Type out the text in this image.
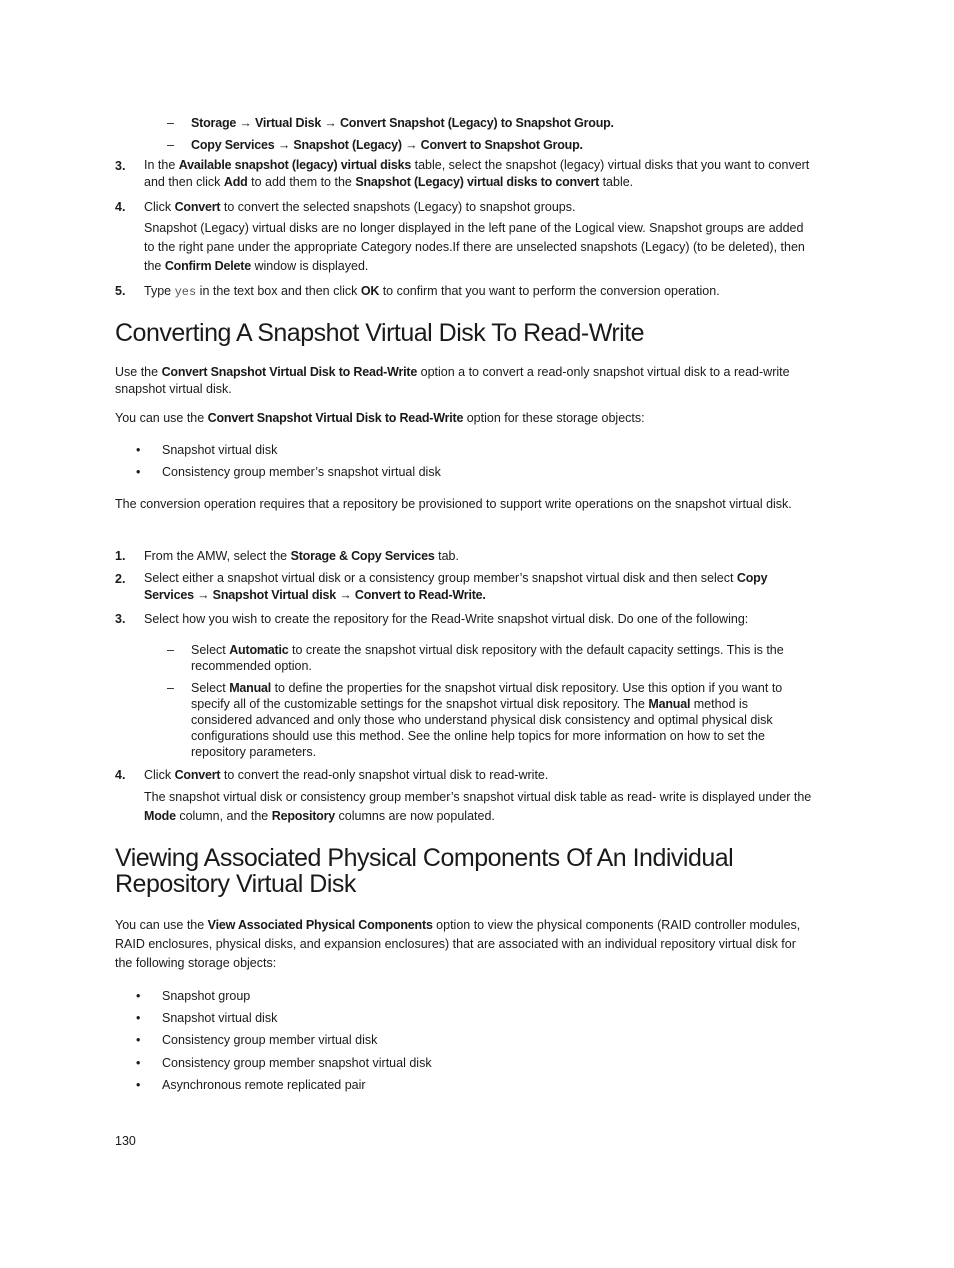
– Storage → Virtual Disk → Convert Snapshot (Legacy) to Snapshot Group.
– Copy Services → Snapshot (Legacy) → Convert to Snapshot Group.
3. In the Available snapshot (legacy) virtual disks table, select the snapshot (legacy) virtual disks that you want to convert and then click Add to add them to the Snapshot (Legacy) virtual disks to convert table.
4. Click Convert to convert the selected snapshots (Legacy) to snapshot groups.
Snapshot (Legacy) virtual disks are no longer displayed in the left pane of the Logical view. Snapshot groups are added to the right pane under the appropriate Category nodes.If there are unselected snapshots (Legacy) (to be deleted), then the Confirm Delete window is displayed.
5. Type yes in the text box and then click OK to confirm that you want to perform the conversion operation.
Converting A Snapshot Virtual Disk To Read-Write
Use the Convert Snapshot Virtual Disk to Read-Write option a to convert a read-only snapshot virtual disk to a read-write snapshot virtual disk.
You can use the Convert Snapshot Virtual Disk to Read-Write option for these storage objects:
• Snapshot virtual disk
• Consistency group member’s snapshot virtual disk
The conversion operation requires that a repository be provisioned to support write operations on the snapshot virtual disk.
1. From the AMW, select the Storage & Copy Services tab.
2. Select either a snapshot virtual disk or a consistency group member’s snapshot virtual disk and then select Copy Services → Snapshot Virtual disk → Convert to Read-Write.
3. Select how you wish to create the repository for the Read-Write snapshot virtual disk. Do one of the following:
– Select Automatic to create the snapshot virtual disk repository with the default capacity settings. This is the recommended option.
– Select Manual to define the properties for the snapshot virtual disk repository. Use this option if you want to specify all of the customizable settings for the snapshot virtual disk repository. The Manual method is considered advanced and only those who understand physical disk consistency and optimal physical disk configurations should use this method. See the online help topics for more information on how to set the repository parameters.
4. Click Convert to convert the read-only snapshot virtual disk to read-write.
The snapshot virtual disk or consistency group member’s snapshot virtual disk table as read- write is displayed under the Mode column, and the Repository columns are now populated.
Viewing Associated Physical Components Of An Individual
Repository Virtual Disk
You can use the View Associated Physical Components option to view the physical components (RAID controller modules, RAID enclosures, physical disks, and expansion enclosures) that are associated with an individual repository virtual disk for the following storage objects:
• Snapshot group
• Snapshot virtual disk
• Consistency group member virtual disk
• Consistency group member snapshot virtual disk
• Asynchronous remote replicated pair
130
